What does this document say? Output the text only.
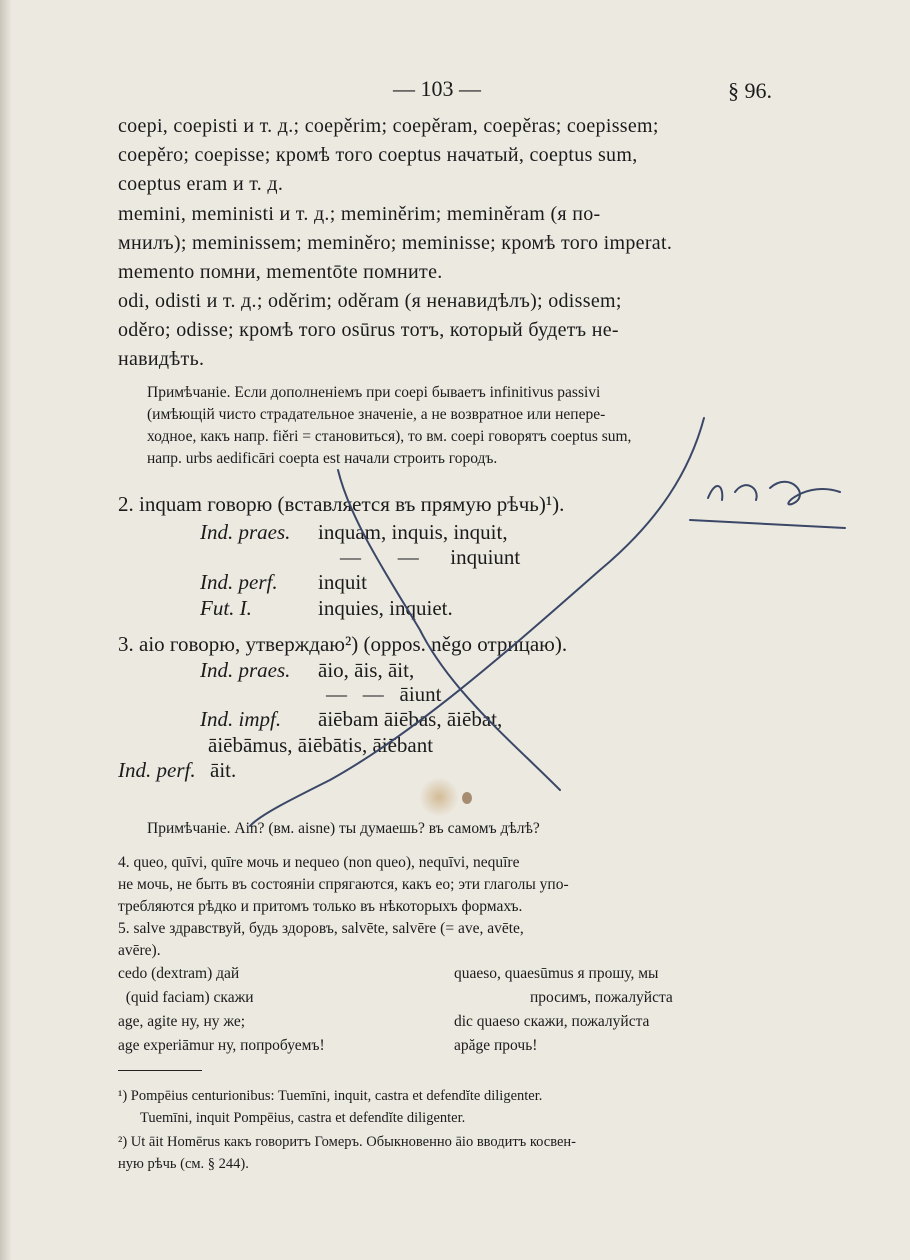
— 103 —	§ 96.
coepi, coepisti и т. д.; coepěrim; coepěram, coepěras; coepissem;
coepěro; coepisse; кромѣ того coeptus начатый, coeptus sum,
coeptus eram и т. д.
memini, meministi и т. д.; meminěrim; meminěram (я по-
мнилъ); meminissem; meminěro; meminisse; кромѣ того imperat.
memento помни, mementōte помните.
odi, odisti и т. д.; oděrim; oděram (я ненавидѣлъ); odissem;
oděro; odisse; кромѣ того osūrus тотъ, который будетъ не-
навидѣть.
Примѣчаніе. Если дополненіемъ при coepi бываетъ infinitivus passivi
(имѣющій чисто страдательное значеніе, а не возвратное или непере-
ходное, какъ напр. fiěri = становиться), то вм. coepi говорятъ coeptus sum,
напр. urbs aedificāri coepta est начали строить городъ.
2. inquam говорю (вставляется въ прямую рѣчь)¹).
Ind. praes. inquam, inquis, inquit,
—       —      inquiunt
Ind. perf. inquit
Fut. I.	inquies, inquiet.
3. aio говорю, утверждаю²) (oppos. něgo отрицаю).
Ind. praes. āio, āis, āit,
—   —   āiunt
Ind. impf. āiēbam āiēbas, āiēbat,
āiēbāmus, āiēbātis, āiēbant
Ind. perf. āit.
Примѣчаніе. Ain? (вм. aisne) ты думаешь? въ самомъ дѣлѣ?
4. queo, quīvi, quīre мочь и nequeo (non queo), nequīvi, nequīre
не мочь, не быть въ состояніи спрягаются, какъ eo; эти глаголы упо-
требляются рѣдко и притомъ только въ нѣкоторыхъ формахъ.
5. salve здравствуй, будь здоровъ, salvēte, salvēre (= ave, avēte,
avēre).
cedo (dextram) дай
(quid faciam) скажи
age, agite ну, ну же;
age experiāmur ну, попробуемъ!
quaeso, quaesūmus я прошу, мы
просимъ, пожалуйста
dic quaeso скажи, пожалуйста
apăge прочь!
¹) Pompēius centurionibus: Tuemīni, inquit, castra et defendĭte diligenter.
Tuemīni, inquit Pompēius, castra et defendĭte diligenter.
²) Ut āit Homērus какъ говоритъ Гомеръ. Обыкновенно āio вводитъ косвен-
ную рѣчь (см. § 244).
